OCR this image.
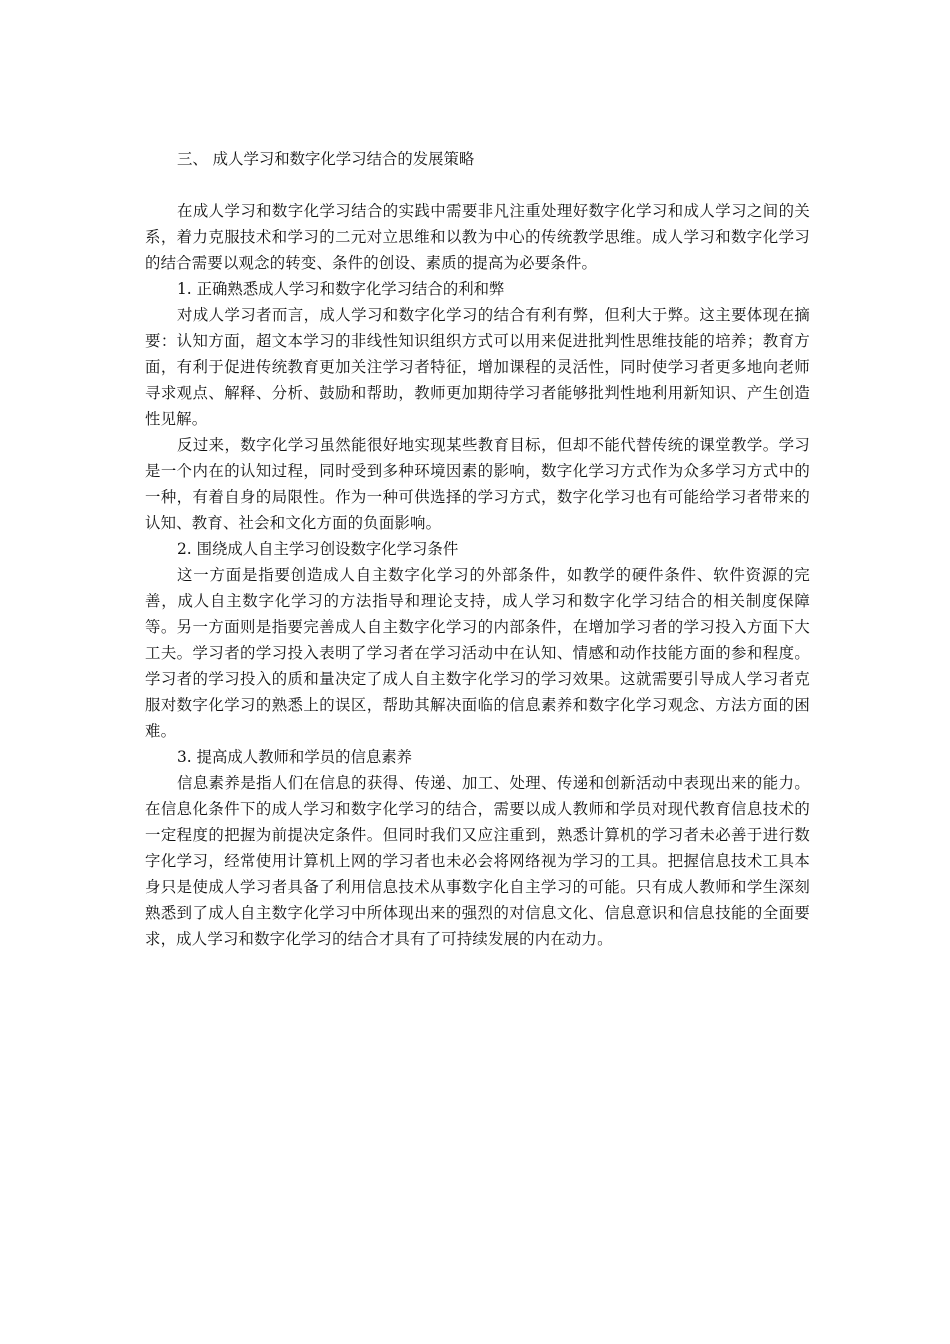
三、 成人学习和数字化学习结合的发展策略

在成人学习和数字化学习结合的实践中需要非凡注重处理好数字化学习和成人学习之间的关系，着力克服技术和学习的二元对立思维和以教为中心的传统教学思维。成人学习和数字化学习的结合需要以观念的转变、条件的创设、素质的提高为必要条件。

1. 正确熟悉成人学习和数字化学习结合的利和弊

对成人学习者而言，成人学习和数字化学习的结合有利有弊，但利大于弊。这主要体现在摘要：认知方面，超文本学习的非线性知识组织方式可以用来促进批判性思维技能的培养；教育方面，有利于促进传统教育更加关注学习者特征，增加课程的灵活性，同时使学习者更多地向老师寻求观点、解释、分析、鼓励和帮助，教师更加期待学习者能够批判性地利用新知识、产生创造性见解。

反过来，数字化学习虽然能很好地实现某些教育目标，但却不能代替传统的课堂教学。学习是一个内在的认知过程，同时受到多种环境因素的影响，数字化学习方式作为众多学习方式中的一种，有着自身的局限性。作为一种可供选择的学习方式，数字化学习也有可能给学习者带来的认知、教育、社会和文化方面的负面影响。

2. 围绕成人自主学习创设数字化学习条件

这一方面是指要创造成人自主数字化学习的外部条件，如教学的硬件条件、软件资源的完善，成人自主数字化学习的方法指导和理论支持，成人学习和数字化学习结合的相关制度保障等。另一方面则是指要完善成人自主数字化学习的内部条件，在增加学习者的学习投入方面下大工夫。学习者的学习投入表明了学习者在学习活动中在认知、情感和动作技能方面的参和程度。学习者的学习投入的质和量决定了成人自主数字化学习的学习效果。这就需要引导成人学习者克服对数字化学习的熟悉上的误区，帮助其解决面临的信息素养和数字化学习观念、方法方面的困难。

3. 提高成人教师和学员的信息素养

信息素养是指人们在信息的获得、传递、加工、处理、传递和创新活动中表现出来的能力。在信息化条件下的成人学习和数字化学习的结合，需要以成人教师和学员对现代教育信息技术的一定程度的把握为前提决定条件。但同时我们又应注重到，熟悉计算机的学习者未必善于进行数字化学习，经常使用计算机上网的学习者也未必会将网络视为学习的工具。把握信息技术工具本身只是使成人学习者具备了利用信息技术从事数字化自主学习的可能。只有成人教师和学生深刻熟悉到了成人自主数字化学习中所体现出来的强烈的对信息文化、信息意识和信息技能的全面要求，成人学习和数字化学习的结合才具有了可持续发展的内在动力。
